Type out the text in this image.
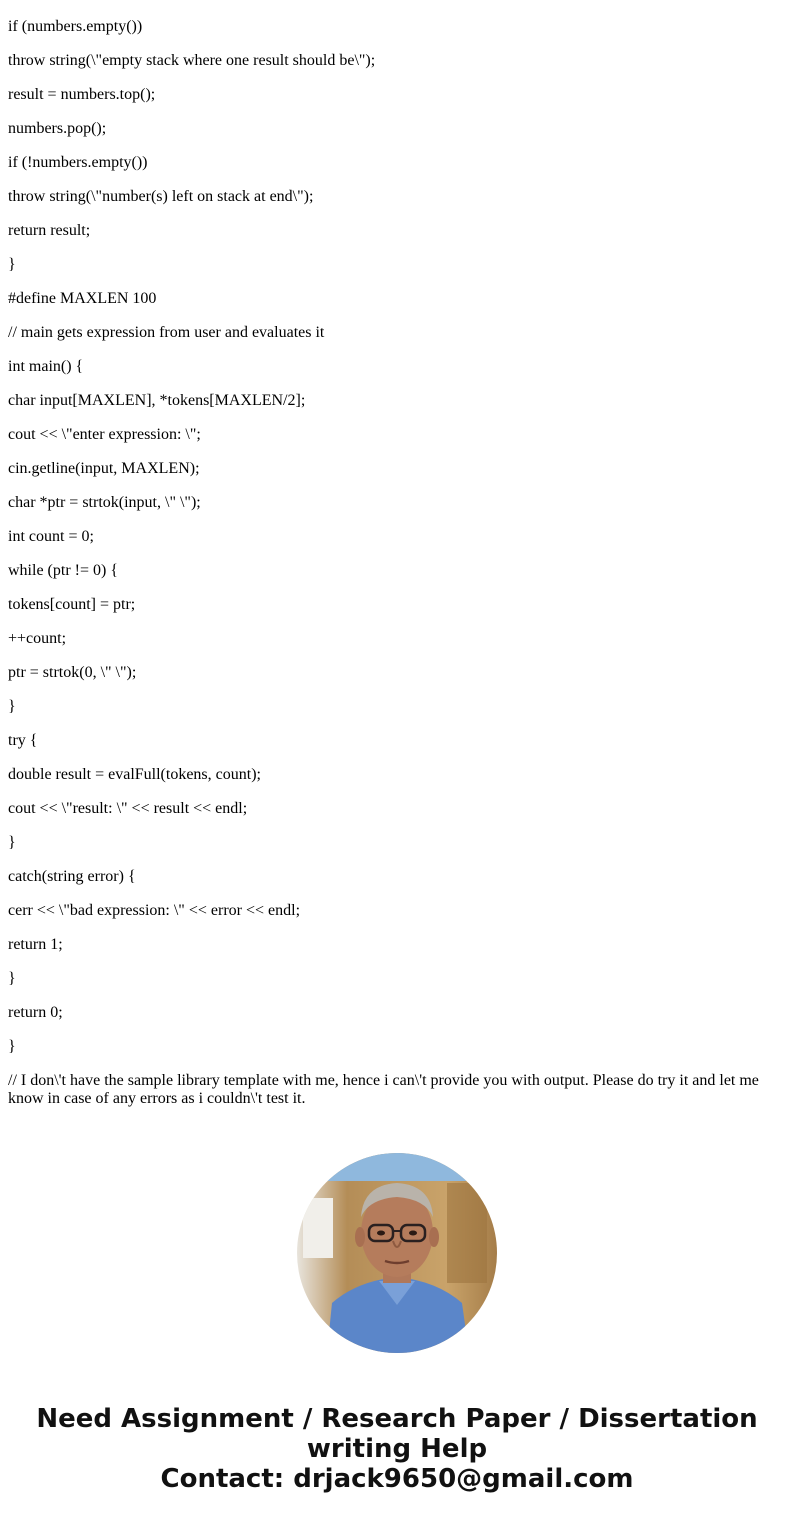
if (numbers.empty())

throw string(\"empty stack where one result should be\");

result = numbers.top();

numbers.pop();

if (!numbers.empty())

throw string(\"number(s) left on stack at end\");

return result;

}

#define MAXLEN 100

// main gets expression from user and evaluates it

int main() {

char input[MAXLEN], *tokens[MAXLEN/2];

cout << \"enter expression: \";

cin.getline(input, MAXLEN);

char *ptr = strtok(input, \" \");

int count = 0;

while (ptr != 0) {

tokens[count] = ptr;

++count;

ptr = strtok(0, \" \");

}

try {

double result = evalFull(tokens, count);

cout << \"result: \" << result << endl;

}

catch(string error) {

cerr << \"bad expression: \" << error << endl;

return 1;

}

return 0;

}

// I don\'t have the sample library template with me, hence i can\'t provide you with output. Please do try it and let me know in case of any errors as i couldn\'t test it.

Need Assignment / Research Paper / Dissertation
writing Help
Contact: drjack9650@gmail.com
